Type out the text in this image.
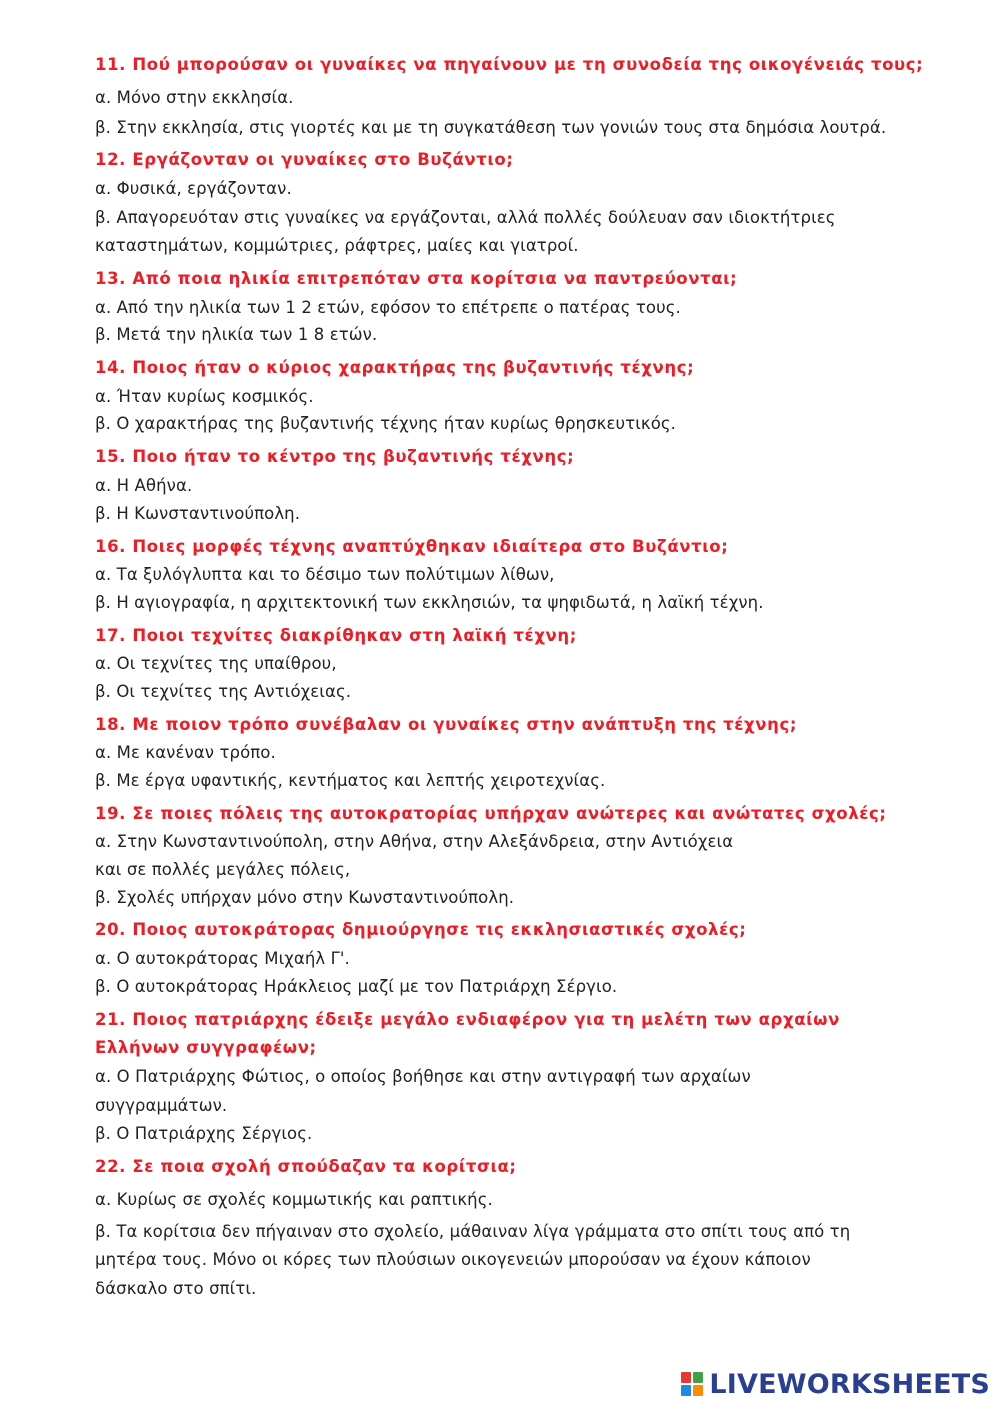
11. Πού μπορούσαν οι γυναίκες να πηγαίνουν με τη συνοδεία της οικογένειάς τους;
α. Μόνο στην εκκλησία.
β. Στην εκκλησία, στις γιορτές και με τη συγκατάθεση των γονιών τους στα δημόσια λουτρά.
12. Εργάζονταν οι γυναίκες στο Βυζάντιο;
α. Φυσικά, εργάζονταν.
β. Απαγορευόταν στις γυναίκες να εργάζονται, αλλά πολλές δούλευαν σαν ιδιοκτήτριες
καταστημάτων, κομμώτριες, ράφτρες, μαίες και γιατροί.
13. Από ποια ηλικία επιτρεπόταν στα κορίτσια να παντρεύονται;
α. Από την ηλικία των 1 2 ετών, εφόσον το επέτρεπε ο πατέρας τους.
β. Μετά την ηλικία των 1 8 ετών.
14. Ποιος ήταν ο κύριος χαρακτήρας της βυζαντινής τέχνης;
α. Ήταν κυρίως κοσμικός.
β. Ο χαρακτήρας της βυζαντινής τέχνης ήταν κυρίως θρησκευτικός.
15. Ποιο ήταν το κέντρο της βυζαντινής τέχνης;
α. Η Αθήνα.
β. Η Κωνσταντινούπολη.
16. Ποιες μορφές τέχνης αναπτύχθηκαν ιδιαίτερα στο Βυζάντιο;
α. Τα ξυλόγλυπτα και το δέσιμο των πολύτιμων λίθων,
β. Η αγιογραφία, η αρχιτεκτονική των εκκλησιών, τα ψηφιδωτά, η λαϊκή τέχνη.
17. Ποιοι τεχνίτες διακρίθηκαν στη λαϊκή τέχνη;
α. Οι τεχνίτες της υπαίθρου,
β. Οι τεχνίτες της Αντιόχειας.
18. Με ποιον τρόπο συνέβαλαν οι γυναίκες στην ανάπτυξη της τέχνης;
α. Με κανέναν τρόπο.
β. Με έργα υφαντικής, κεντήματος και λεπτής χειροτεχνίας.
19. Σε ποιες πόλεις της αυτοκρατορίας υπήρχαν ανώτερες και ανώτατες σχολές;
α. Στην Κωνσταντινούπολη, στην Αθήνα, στην Αλεξάνδρεια, στην Αντιόχεια
και σε πολλές μεγάλες πόλεις,
β. Σχολές υπήρχαν μόνο στην Κωνσταντινούπολη.
20. Ποιος αυτοκράτορας δημιούργησε τις εκκλησιαστικές σχολές;
α. Ο αυτοκράτορας Μιχαήλ Γ'.
β. Ο αυτοκράτορας Ηράκλειος μαζί με τον Πατριάρχη Σέργιο.
21. Ποιος πατριάρχης έδειξε μεγάλο ενδιαφέρον για τη μελέτη των αρχαίων
Ελλήνων συγγραφέων;
α. Ο Πατριάρχης Φώτιος, ο οποίος βοήθησε και στην αντιγραφή των αρχαίων
συγγραμμάτων.
β. Ο Πατριάρχης Σέργιος.
22. Σε ποια σχολή σπούδαζαν τα κορίτσια;
α. Κυρίως σε σχολές κομμωτικής και ραπτικής.
β. Τα κορίτσια δεν πήγαιναν στο σχολείο, μάθαιναν λίγα γράμματα στο σπίτι τους από τη
μητέρα τους. Μόνο οι κόρες των πλούσιων οικογενειών μπορούσαν να έχουν κάποιον
δάσκαλο στο σπίτι.
LIVEWORKSHEETS
